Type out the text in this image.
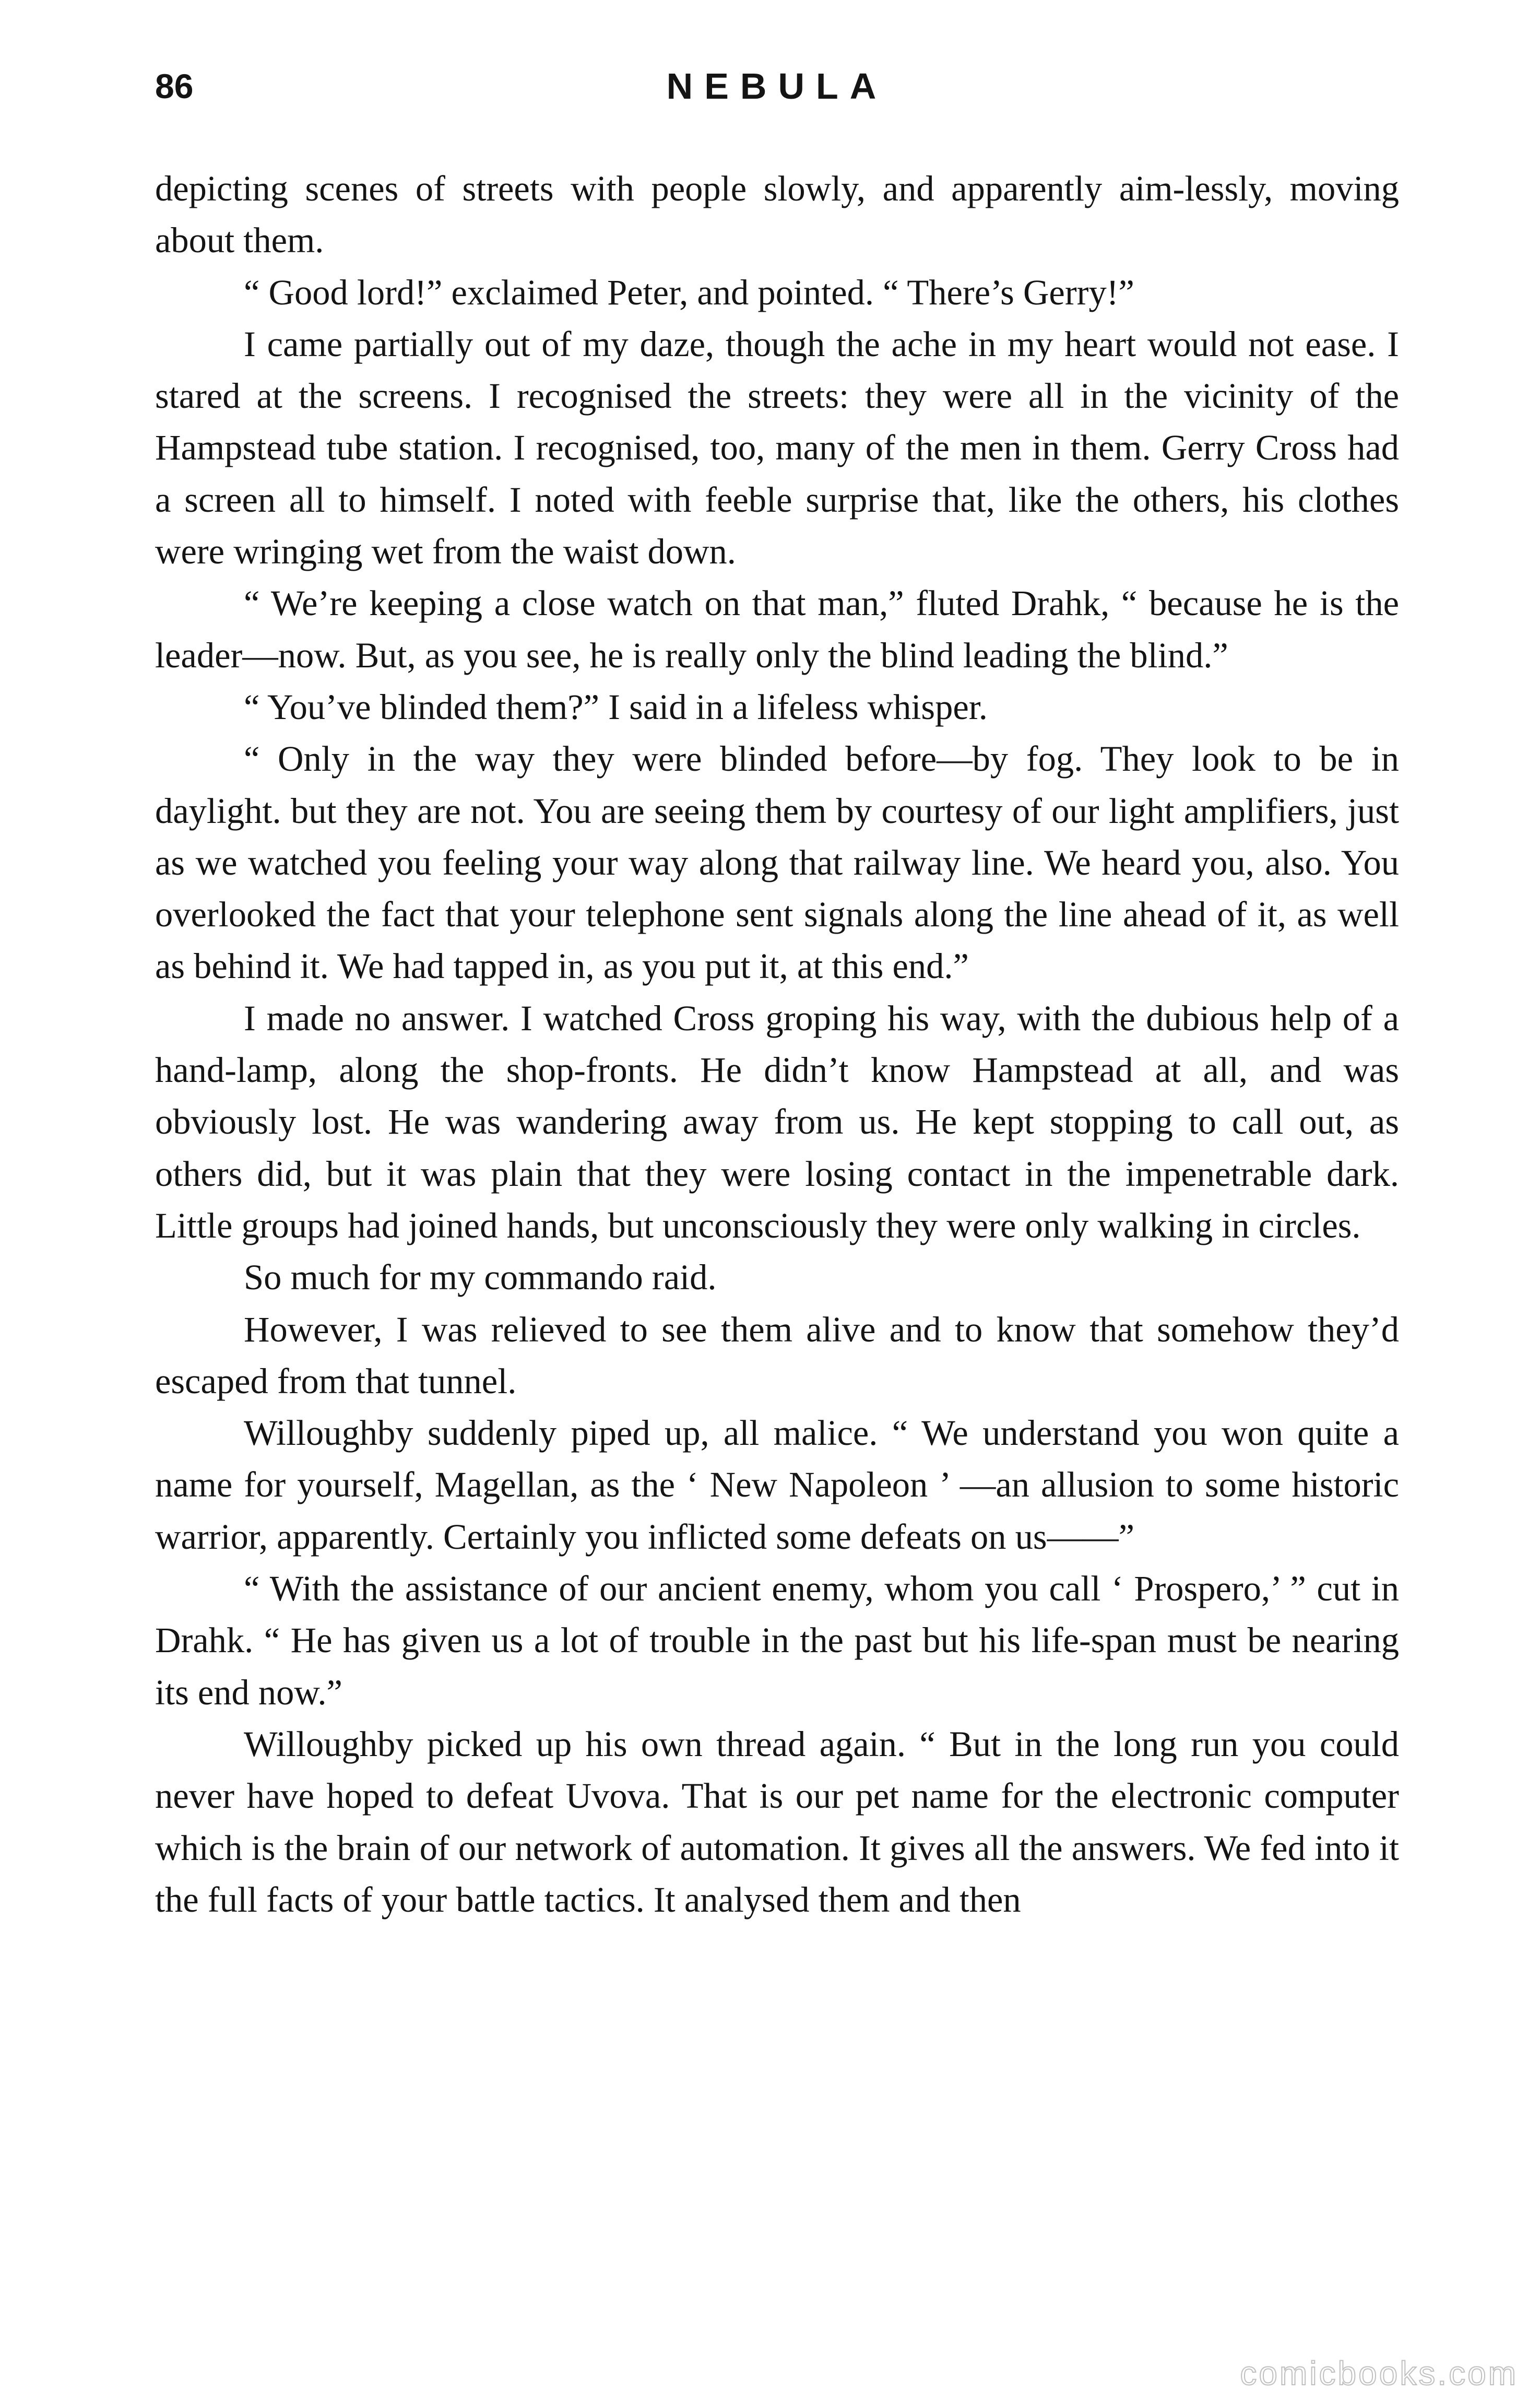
86	NEBULA

depicting scenes of streets with people slowly, and apparently aim-lessly, moving about them.

“ Good lord!” exclaimed Peter, and pointed. “ There’s Gerry!”

I came partially out of my daze, though the ache in my heart would not ease. I stared at the screens. I recognised the streets: they were all in the vicinity of the Hampstead tube station. I recognised, too, many of the men in them. Gerry Cross had a screen all to himself. I noted with feeble surprise that, like the others, his clothes were wringing wet from the waist down.

“ We’re keeping a close watch on that man,” fluted Drahk, “ because he is the leader—now. But, as you see, he is really only the blind leading the blind.”

“ You’ve blinded them?” I said in a lifeless whisper.

“ Only in the way they were blinded before—by fog. They look to be in daylight. but they are not. You are seeing them by courtesy of our light amplifiers, just as we watched you feeling your way along that railway line. We heard you, also. You overlooked the fact that your telephone sent signals along the line ahead of it, as well as behind it. We had tapped in, as you put it, at this end.”

I made no answer. I watched Cross groping his way, with the dubious help of a hand-lamp, along the shop-fronts. He didn’t know Hampstead at all, and was obviously lost. He was wandering away from us. He kept stopping to call out, as others did, but it was plain that they were losing contact in the impenetrable dark. Little groups had joined hands, but unconsciously they were only walking in circles.

So much for my commando raid.

However, I was relieved to see them alive and to know that somehow they’d escaped from that tunnel.

Willoughby suddenly piped up, all malice. “ We understand you won quite a name for yourself, Magellan, as the ‘ New Napoleon ’ —an allusion to some historic warrior, apparently. Certainly you inflicted some defeats on us——”

“ With the assistance of our ancient enemy, whom you call ‘ Prospero,’ ” cut in Drahk. “ He has given us a lot of trouble in the past but his life-span must be nearing its end now.”

Willoughby picked up his own thread again. “ But in the long run you could never have hoped to defeat Uvova. That is our pet name for the electronic computer which is the brain of our network of automation. It gives all the answers. We fed into it the full facts of your battle tactics. It analysed them and then

comicbooks.com
